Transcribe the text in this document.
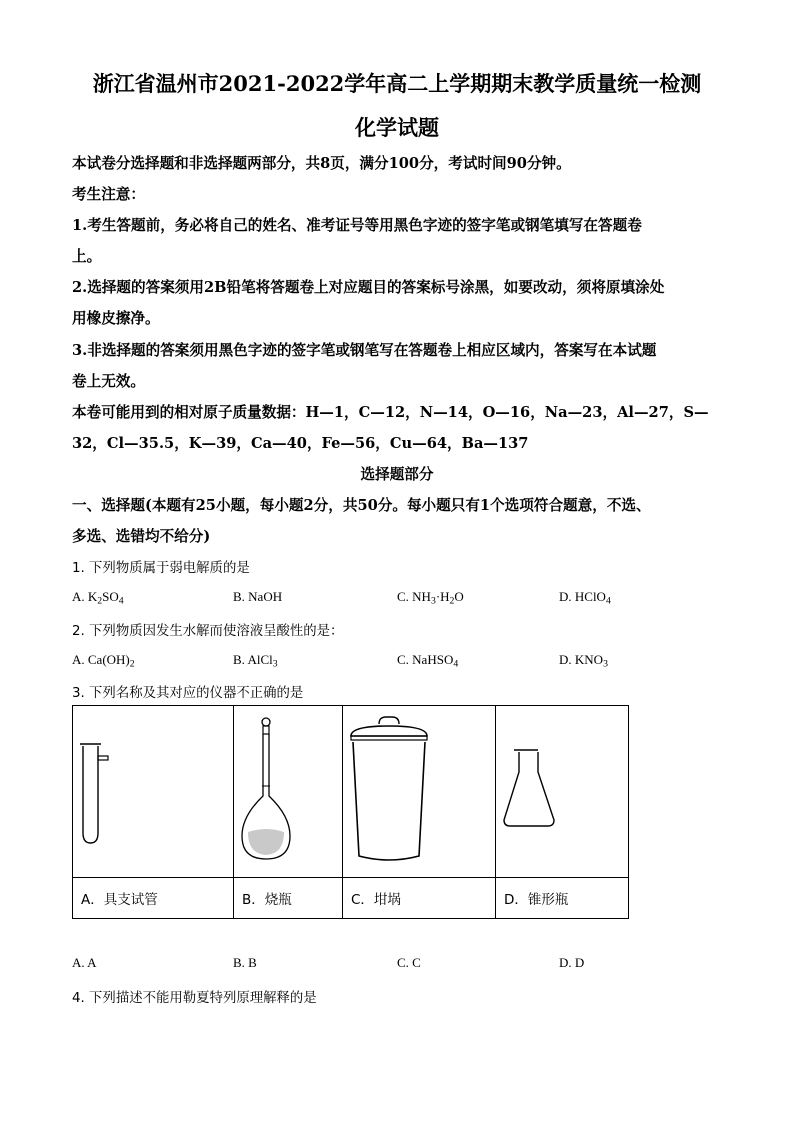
浙江省温州市2021-2022学年高二上学期期末教学质量统一检测
化学试题
本试卷分选择题和非选择题两部分，共8页，满分100分，考试时间90分钟。
考生注意：
1.考生答题前，务必将自己的姓名、准考证号等用黑色字迹的签字笔或钢笔填写在答题卷
上。
2.选择题的答案须用2B铅笔将答题卷上对应题目的答案标号涂黑，如要改动，须将原填涂处
用橡皮擦净。
3.非选择题的答案须用黑色字迹的签字笔或钢笔写在答题卷上相应区域内，答案写在本试题
卷上无效。
本卷可能用到的相对原子质量数据：H—1，C—12，N—14，O—16，Na—23，Al—27，S—
32，Cl—35.5，K—39，Ca—40，Fe—56，Cu—64，Ba—137
选择题部分
一、选择题(本题有25小题，每小题2分，共50分。每小题只有1个选项符合题意，不选、
多选、选错均不给分)
1. 下列物质属于弱电解质的是
A. $K_2SO_4$	B. NaOH	C. $NH_3\cdot H_2O$	D. HClO$_4$
2. 下列物质因发生水解而使溶液呈酸性的是：
A. $Ca(OH)_2$	B. AlCl$_3$	C. NaHSO$_4$	D. $KNO_3$
3. 下列名称及其对应的仪器不正确的是

A．具支试管	B．烧瓶	C．坩埚	D．锥形瓶
A. A	B. B	C. C	D. D
4. 下列描述不能用勒夏特列原理解释的是
